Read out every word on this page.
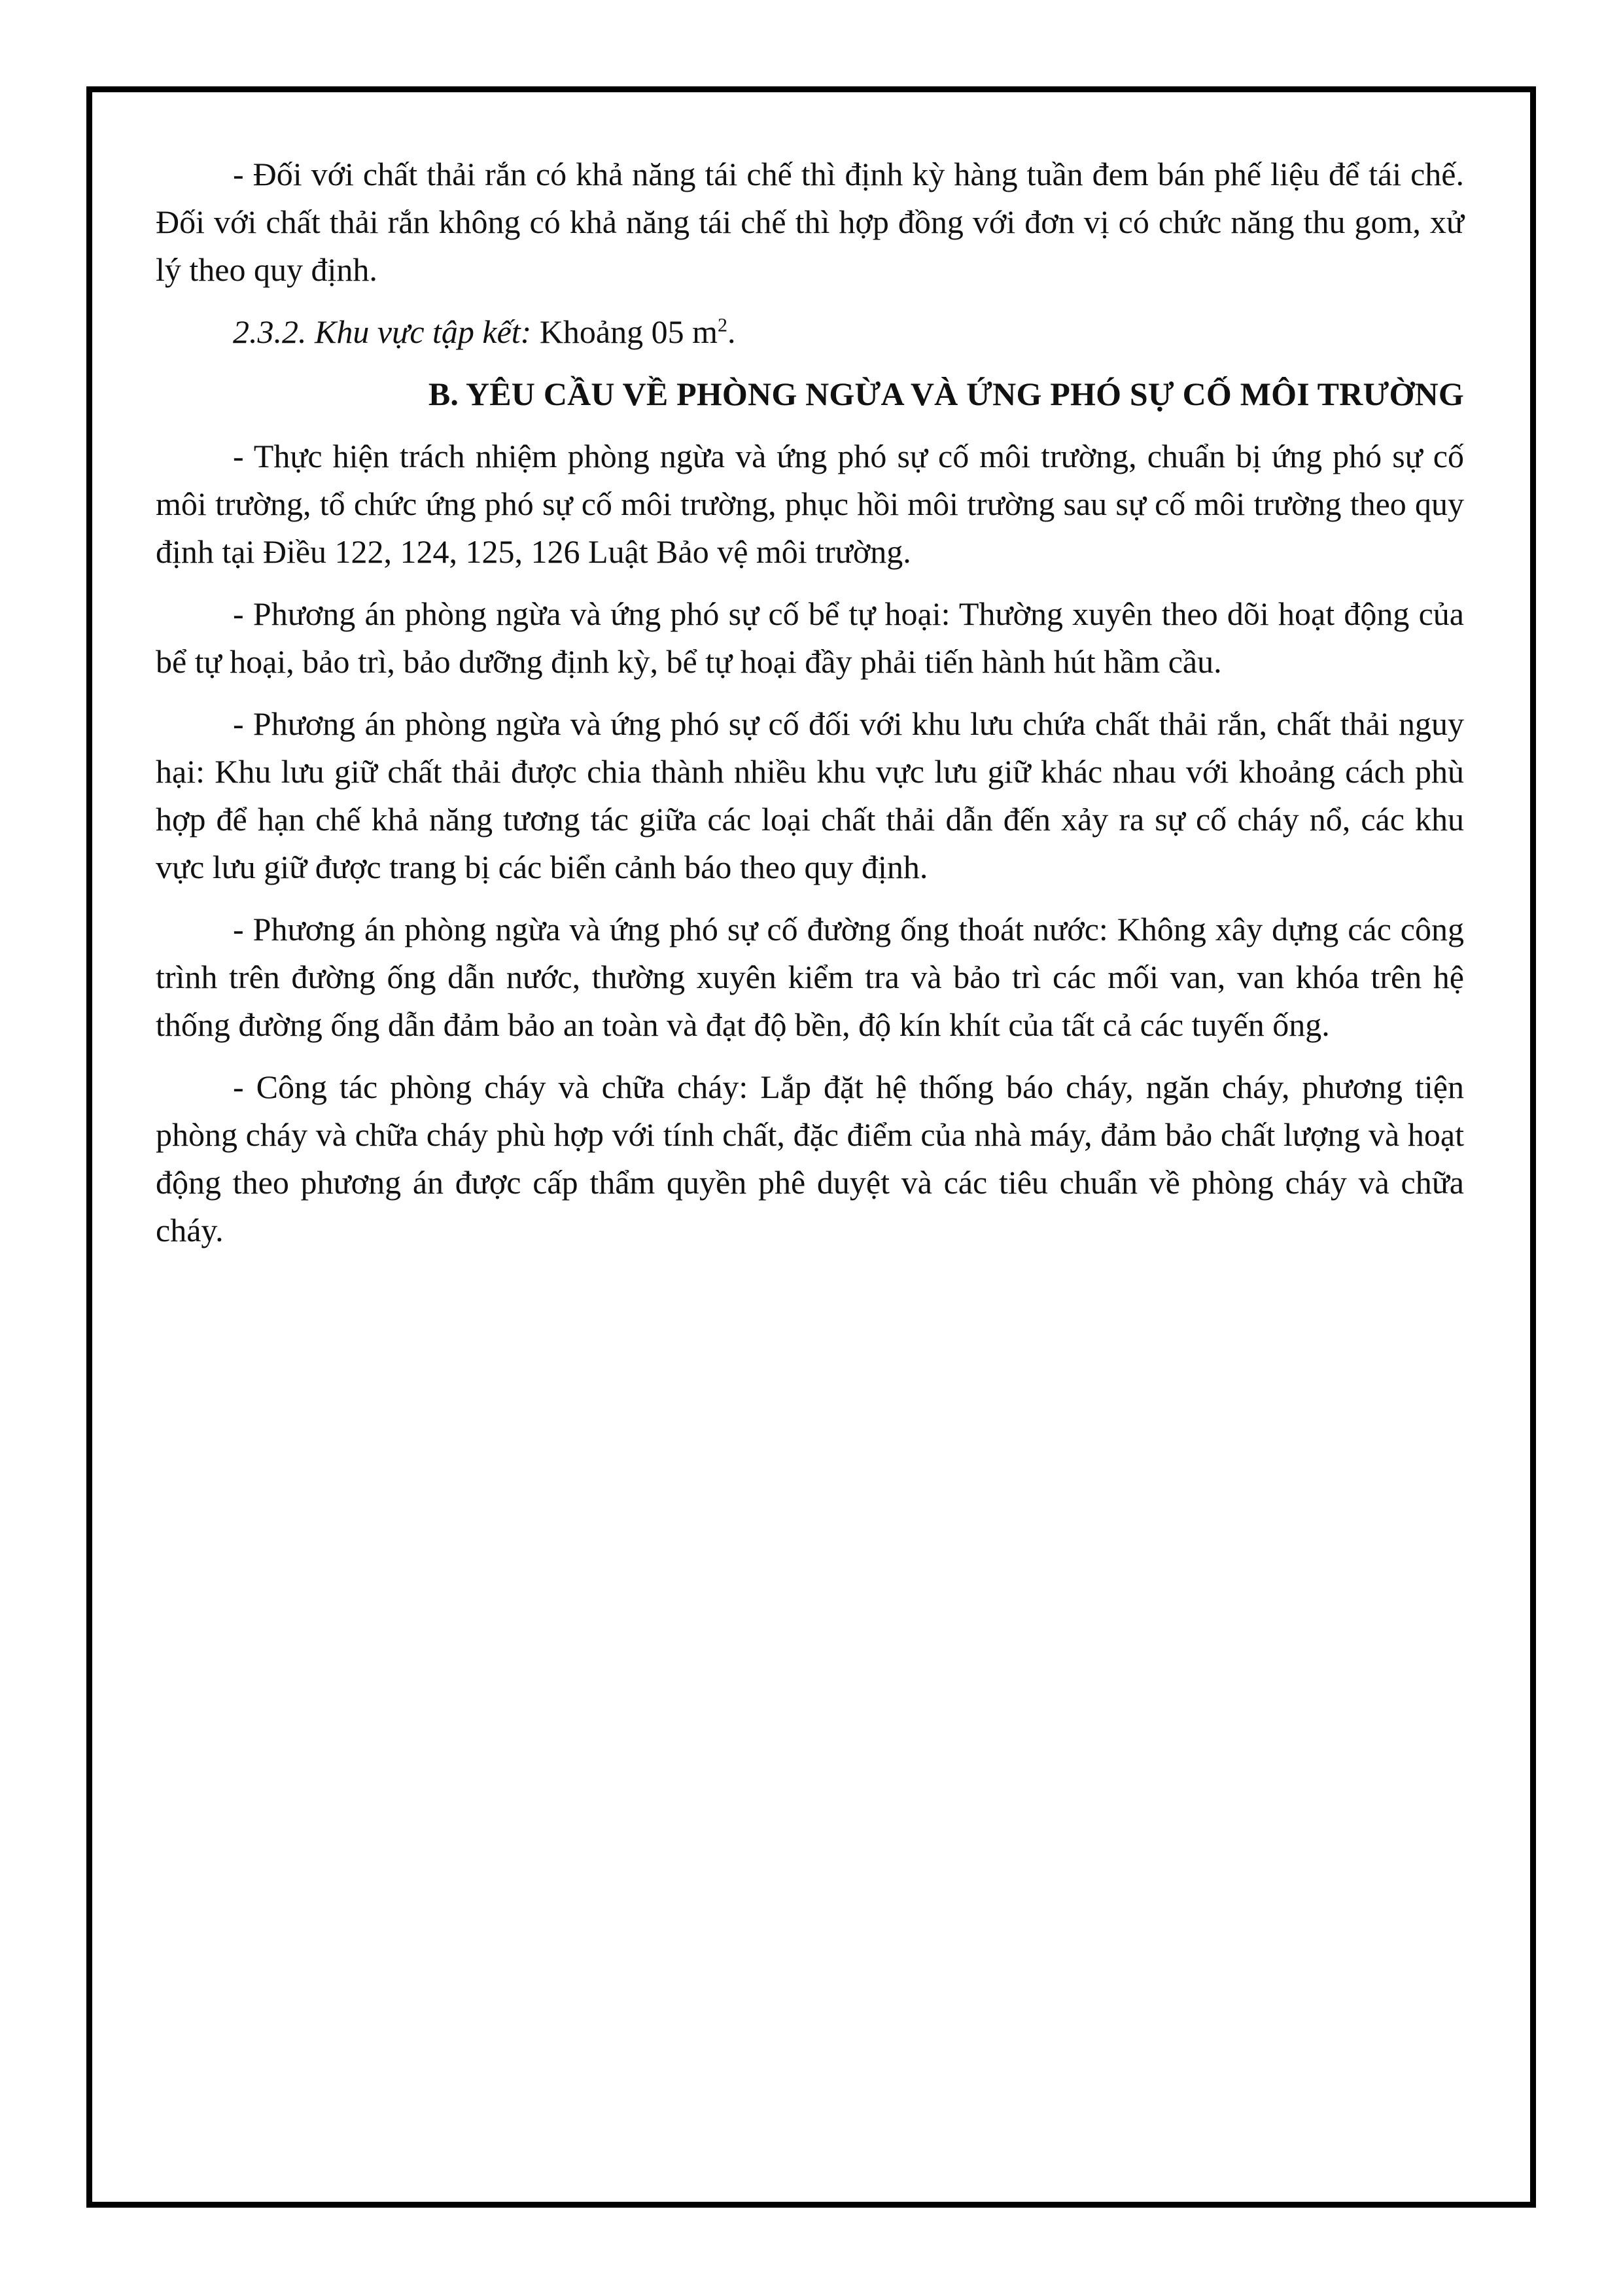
- Đối với chất thải rắn có khả năng tái chế thì định kỳ hàng tuần đem bán phế liệu để tái chế. Đối với chất thải rắn không có khả năng tái chế thì hợp đồng với đơn vị có chức năng thu gom, xử lý theo quy định.

2.3.2. Khu vực tập kết: Khoảng 05 $m^2$.

B. YÊU CẦU VỀ PHÒNG NGỪA VÀ ỨNG PHÓ SỰ CỐ MÔI TRƯỜNG

- Thực hiện trách nhiệm phòng ngừa và ứng phó sự cố môi trường, chuẩn bị ứng phó sự cố môi trường, tổ chức ứng phó sự cố môi trường, phục hồi môi trường sau sự cố môi trường theo quy định tại Điều 122, 124, 125, 126 Luật Bảo vệ môi trường.

- Phương án phòng ngừa và ứng phó sự cố bể tự hoại: Thường xuyên theo dõi hoạt động của bể tự hoại, bảo trì, bảo dưỡng định kỳ, bể tự hoại đầy phải tiến hành hút hầm cầu.

- Phương án phòng ngừa và ứng phó sự cố đối với khu lưu chứa chất thải rắn, chất thải nguy hại: Khu lưu giữ chất thải được chia thành nhiều khu vực lưu giữ khác nhau với khoảng cách phù hợp để hạn chế khả năng tương tác giữa các loại chất thải dẫn đến xảy ra sự cố cháy nổ, các khu vực lưu giữ được trang bị các biển cảnh báo theo quy định.

- Phương án phòng ngừa và ứng phó sự cố đường ống thoát nước: Không xây dựng các công trình trên đường ống dẫn nước, thường xuyên kiểm tra và bảo trì các mối van, van khóa trên hệ thống đường ống dẫn đảm bảo an toàn và đạt độ bền, độ kín khít của tất cả các tuyến ống.

- Công tác phòng cháy và chữa cháy: Lắp đặt hệ thống báo cháy, ngăn cháy, phương tiện phòng cháy và chữa cháy phù hợp với tính chất, đặc điểm của nhà máy, đảm bảo chất lượng và hoạt động theo phương án được cấp thẩm quyền phê duyệt và các tiêu chuẩn về phòng cháy và chữa cháy.
